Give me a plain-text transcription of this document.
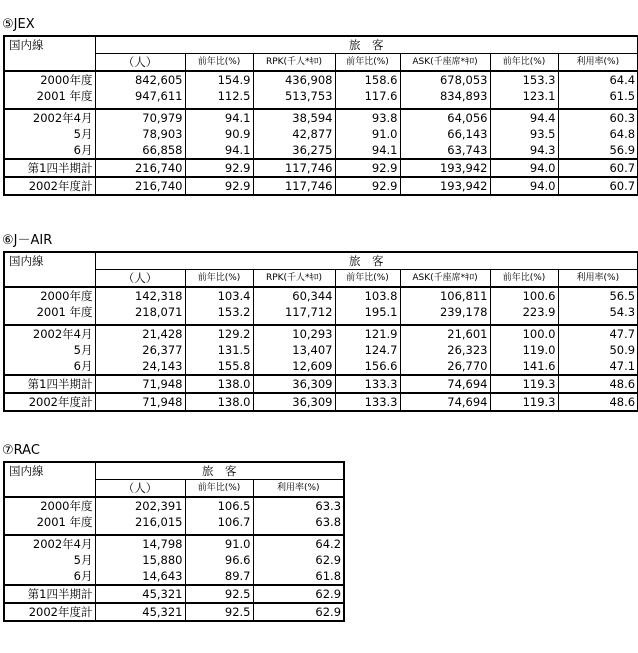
⑤JEX
国内線	旅　客						
	（人）	前年比(%)	RPK(千人*ｷﾛ)	前年比(%)	ASK(千座席*ｷﾛ)	前年比(%)	利用率(%)
2000年度	842,605	154.9	436,908	158.6	678,053	153.3	64.4
2001 年度	947,611	112.5	513,753	117.6	834,893	123.1	61.5

2002年4月	70,979	94.1	38,594	93.8	64,056	94.4	60.3
5月	78,903	90.9	42,877	91.0	66,143	93.5	64.8
6月	66,858	94.1	36,275	94.1	63,743	94.3	56.9
第1四半期計	216,740	92.9	117,746	92.9	193,942	94.0	60.7
2002年度計	216,740	92.9	117,746	92.9	193,942	94.0	60.7
⑥J－AIR
国内線	旅　客						
	（人）	前年比(%)	RPK(千人*ｷﾛ)	前年比(%)	ASK(千座席*ｷﾛ)	前年比(%)	利用率(%)
2000年度	142,318	103.4	60,344	103.8	106,811	100.6	56.5
2001 年度	218,071	153.2	117,712	195.1	239,178	223.9	54.3

2002年4月	21,428	129.2	10,293	121.9	21,601	100.0	47.7
5月	26,377	131.5	13,407	124.7	26,323	119.0	50.9
6月	24,143	155.8	12,609	156.6	26,770	141.6	47.1
第1四半期計	71,948	138.0	36,309	133.3	74,694	119.3	48.6
2002年度計	71,948	138.0	36,309	133.3	74,694	119.3	48.6
⑦RAC
国内線	旅　客		
	（人）	前年比(%)	利用率(%)
2000年度	202,391	106.5	63.3
2001 年度	216,015	106.7	63.8

2002年4月	14,798	91.0	64.2
5月	15,880	96.6	62.9
6月	14,643	89.7	61.8
第1四半期計	45,321	92.5	62.9
2002年度計	45,321	92.5	62.9
